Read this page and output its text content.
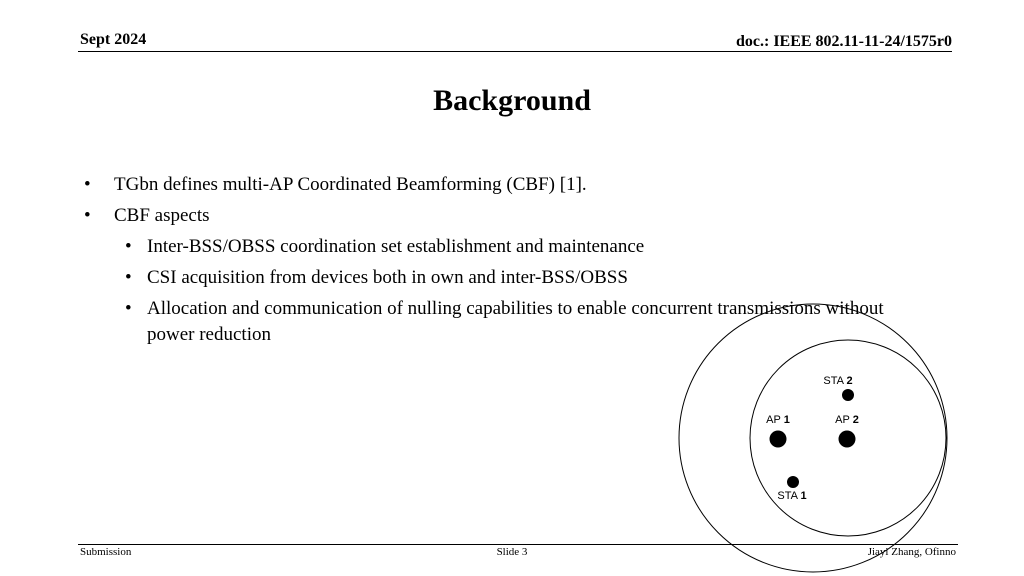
Sept 2024	doc.: IEEE 802.11-11-24/1575r0
Background
• TGbn defines multi-AP Coordinated Beamforming (CBF) [1].
• CBF aspects
• Inter-BSS/OBSS coordination set establishment and maintenance
• CSI acquisition from devices both in own and inter-BSS/OBSS
• Allocation and communication of nulling capabilities to enable concurrent transmissions without power reduction
STA 2
AP 1	AP 2
STA 1
Submission	Slide 3	Jiayi Zhang, Ofinno
